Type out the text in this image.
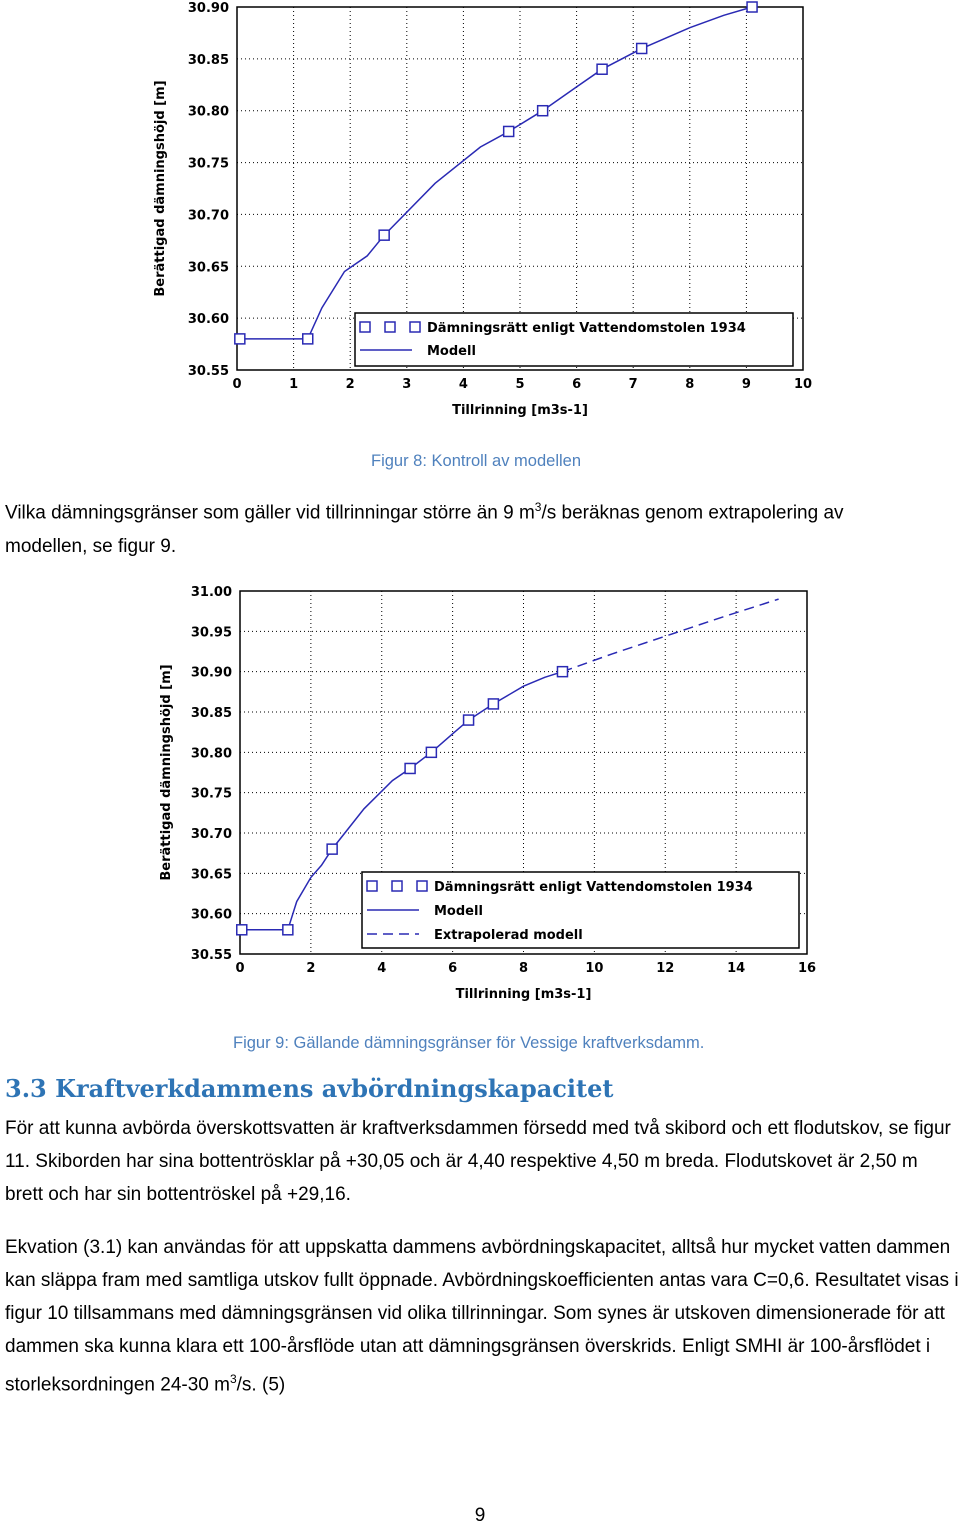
0	1	2	3	4	5	6	7	8	9	10
30.55
30.60
30.65
30.70
30.75
30.80
30.85
30.90
Tillrinning [m3s-1]
Berättigad dämningshöjd [m]
Dämningsrätt enligt Vattendomstolen 1934
Modell
Figur 8: Kontroll av modellen

Vilka dämningsgränser som gäller vid tillrinningar större än 9 $m^3/s$ beräknas genom extrapolering av
modellen, se figur 9.

0	2	4	6	8	10	12	14	16
30.55
30.60
30.65
30.70
30.75
30.80
30.85
30.90
30.95
31.00
Tillrinning [m3s-1]
Berättigad dämningshöjd [m]
Dämningsrätt enligt Vattendomstolen 1934
Modell
Extrapolerad modell
Figur 9: Gällande dämningsgränser för Vessige kraftverksdamm.
3.3 Kraftverkdammens avbördningskapacitet

För att kunna avbörda överskottsvatten är kraftverksdammen försedd med två skibord och ett flodutskov, se figur 11. Skiborden har sina bottentrösklar på +30,05 och är 4,40 respektive 4,50 m breda. Flodutskovet är 2,50 m brett och har sin bottentröskel på +29,16.

Ekvation (3.1) kan användas för att uppskatta dammens avbördningskapacitet, alltså hur mycket vatten dammen kan släppa fram med samtliga utskov fullt öppnade. Avbördningskoefficienten antas vara C=0,6. Resultatet visas i figur 10 tillsammans med dämningsgränsen vid olika tillrinningar. Som synes är utskoven dimensionerade för att dammen ska kunna klara ett 100-årsflöde utan att dämningsgränsen överskrids. Enligt SMHI är 100-årsflödet i storleksordningen 24-30 $m^3/s$. (5)

9
